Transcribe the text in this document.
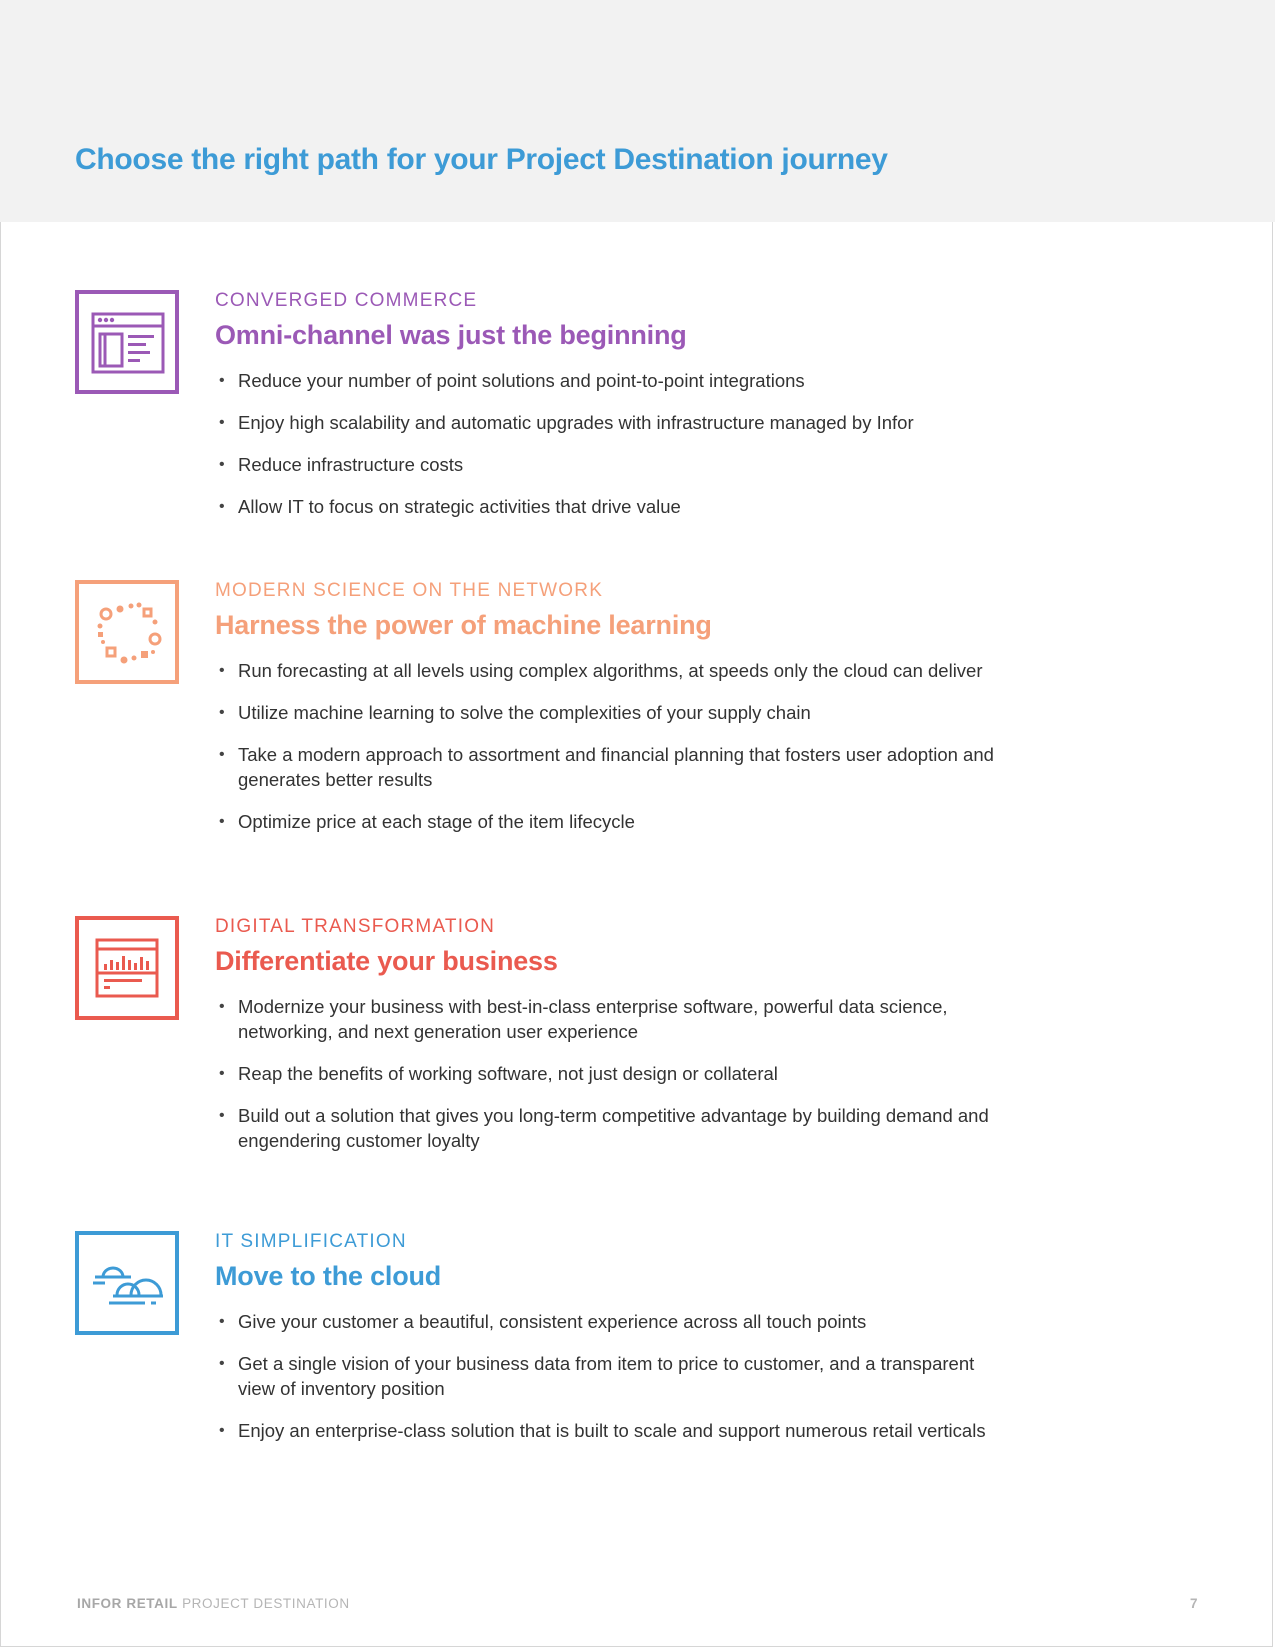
Choose the right path for your Project Destination journey
CONVERGED COMMERCE
Omni-channel was just the beginning
• Reduce your number of point solutions and point-to-point integrations
• Enjoy high scalability and automatic upgrades with infrastructure managed by Infor
• Reduce infrastructure costs
• Allow IT to focus on strategic activities that drive value
MODERN SCIENCE ON THE NETWORK
Harness the power of machine learning
• Run forecasting at all levels using complex algorithms, at speeds only the cloud can deliver
• Utilize machine learning to solve the complexities of your supply chain
• Take a modern approach to assortment and financial planning that fosters user adoption and generates better results
• Optimize price at each stage of the item lifecycle
DIGITAL TRANSFORMATION
Differentiate your business
• Modernize your business with best-in-class enterprise software, powerful data science, networking, and next generation user experience
• Reap the benefits of working software, not just design or collateral
• Build out a solution that gives you long-term competitive advantage by building demand and engendering customer loyalty
IT SIMPLIFICATION
Move to the cloud
• Give your customer a beautiful, consistent experience across all touch points
• Get a single vision of your business data from item to price to customer, and a transparent view of inventory position
• Enjoy an enterprise-class solution that is built to scale and support numerous retail verticals
INFOR RETAIL PROJECT DESTINATION	7
